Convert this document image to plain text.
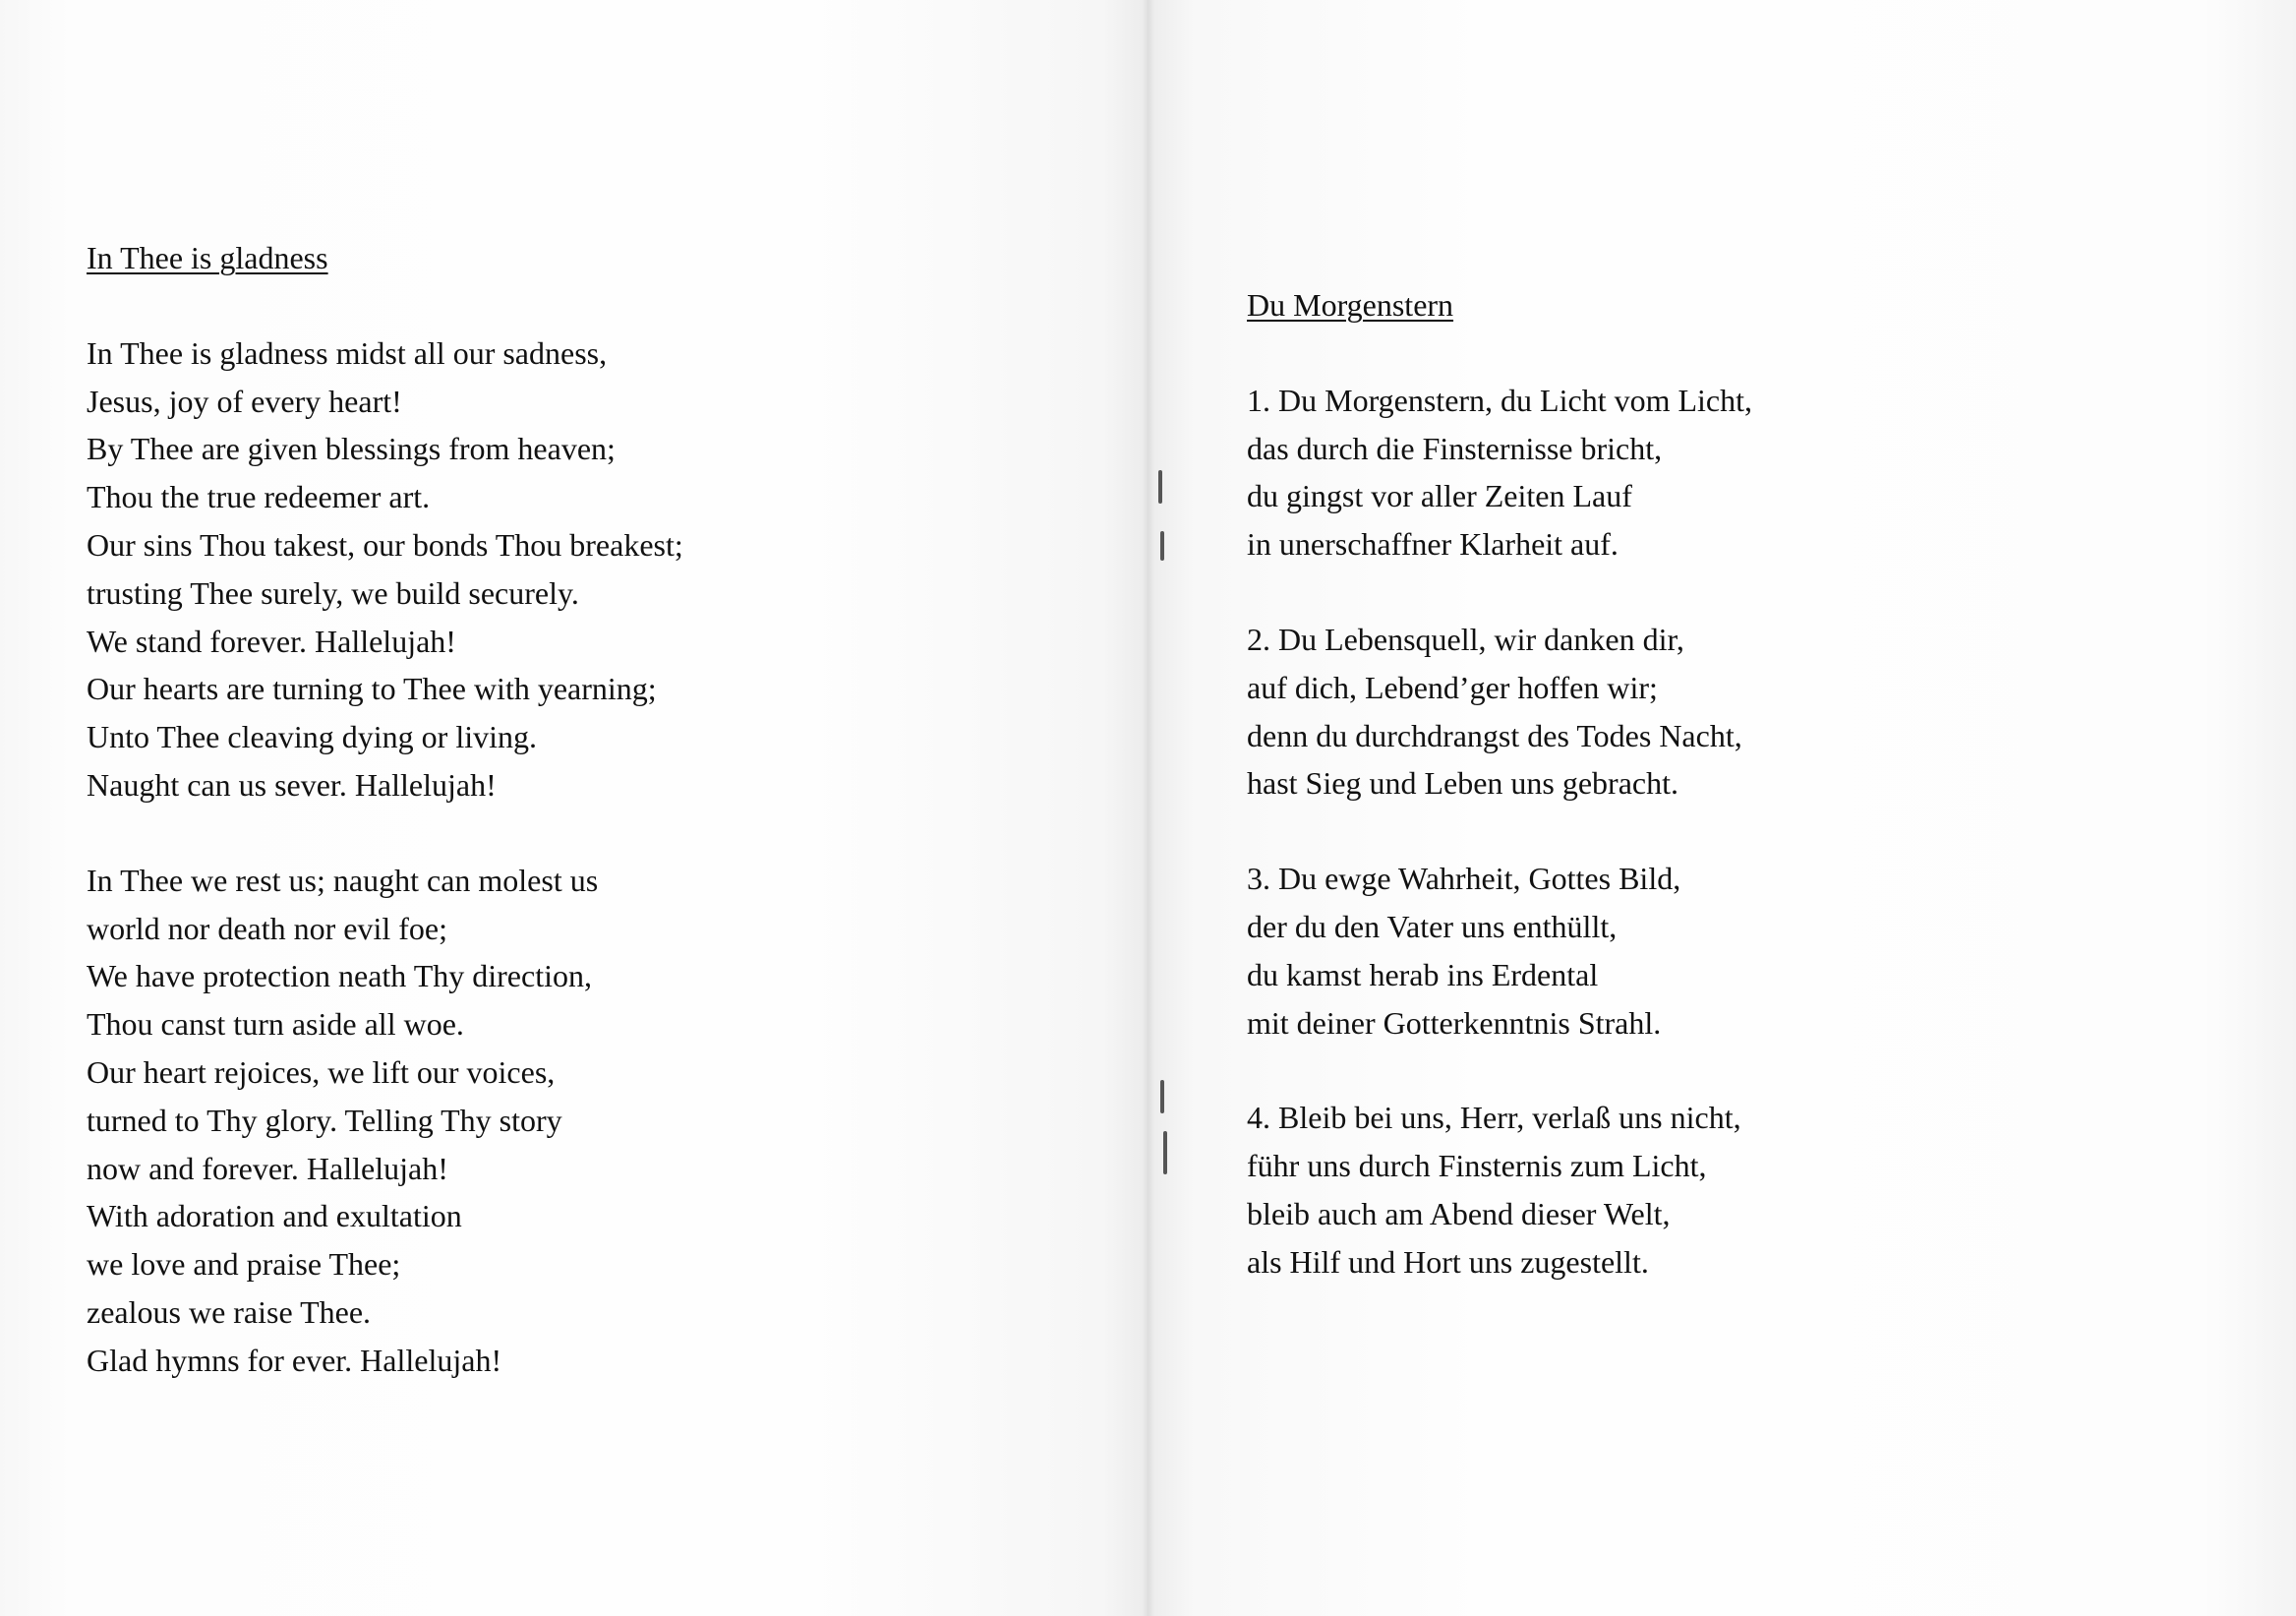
In Thee is gladness
In Thee is gladness midst all our sadness,
Jesus, joy of every heart!
By Thee are given blessings from heaven;
Thou the true redeemer art.
Our sins Thou takest, our bonds Thou breakest;
trusting Thee surely, we build securely.
We stand forever. Hallelujah!
Our hearts are turning to Thee with yearning;
Unto Thee cleaving dying or living.
Naught can us sever. Hallelujah!
In Thee we rest us; naught can molest us
world nor death nor evil foe;
We have protection neath Thy direction,
Thou canst turn aside all woe.
Our heart rejoices, we lift our voices,
turned to Thy glory. Telling Thy story
now and forever. Hallelujah!
With adoration and exultation
we love and praise Thee;
zealous we raise Thee.
Glad hymns for ever. Hallelujah!
Du Morgenstern
1. Du Morgenstern, du Licht vom Licht,
das durch die Finsternisse bricht,
du gingst vor aller Zeiten Lauf
in unerschaffner Klarheit auf.
2. Du Lebensquell, wir danken dir,
auf dich, Lebend’ger hoffen wir;
denn du durchdrangst des Todes Nacht,
hast Sieg und Leben uns gebracht.
3. Du ewge Wahrheit, Gottes Bild,
der du den Vater uns enthüllt,
du kamst herab ins Erdental
mit deiner Gotterkenntnis Strahl.
4. Bleib bei uns, Herr, verlaß uns nicht,
führ uns durch Finsternis zum Licht,
bleib auch am Abend dieser Welt,
als Hilf und Hort uns zugestellt.
